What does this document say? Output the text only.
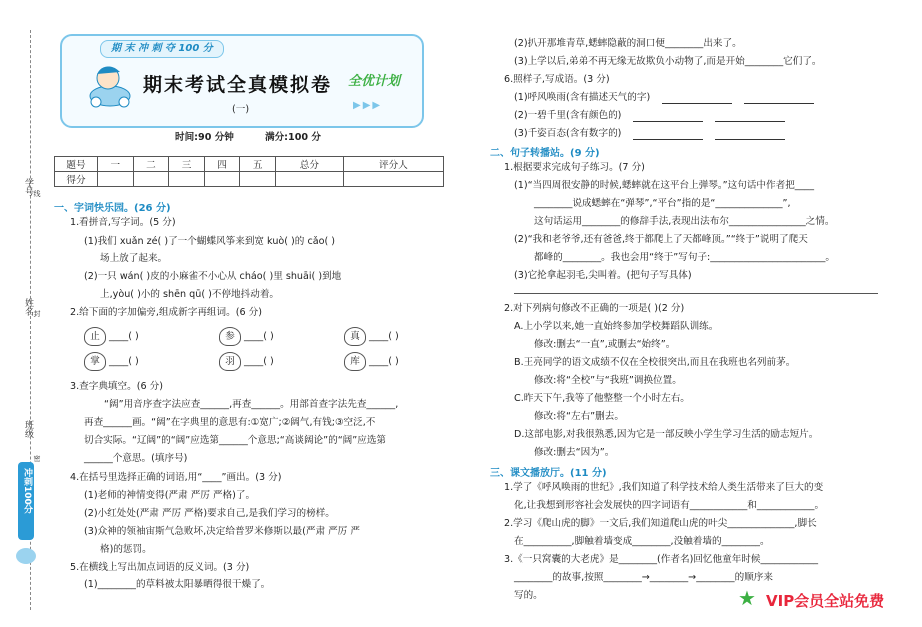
学号
姓名
班级
线
封
密
冲刺100分
期 末 冲 刺 夺 100 分
期末考试全真模拟卷 全优计划
(一)	▶▶▶
时间:90 分钟	满分:100 分
题号	一	二	三	四	五	总分	评分人
得分							
一、字词快乐园。(26 分)
1.看拼音,写字词。(5 分)
(1)我们 xuǎn zé( )了一个蝴蝶风筝来到宽 kuò( )的 cǎo( )
场上放了起来。
(2)一只 wán( )皮的小麻雀不小心从 cháo( )里 shuāi( )到地
上,yòu( )小的 shēn qū( )不停地抖动着。
2.给下面的字加偏旁,组成新字再组词。(6 分)
止 ____( )	参 ____( )	真 ____( )
掌 ____( )	羽 ____( )	库 ____( )
3.查字典填空。(6 分)
“阔”用音序查字法应查______,再查______。用部首查字法先查______,
再查______画。“阔”在字典里的意思有:①宽广;②阔气,有钱;③空泛,不
切合实际。“辽阔”的“阔”应选第______个意思;“高谈阔论”的“阔”应选第
______个意思。(填序号)
4.在括号里选择正确的词语,用“____”画出。(3 分)
(1)老师的神情变得(严肃 严厉 严格)了。
(2)小红处处(严肃 严厉 严格)要求自己,是我们学习的榜样。
(3)众神的领袖宙斯气急败坏,决定给普罗米修斯以最(严肃 严厉 严
格)的惩罚。
5.在横线上写出加点词语的反义词。(3 分)
(1)________的草料被太阳暴晒得很干燥了。
(2)扒开那堆青草,蟋蟀隐蔽的洞口便________出来了。
(3)上学以后,弟弟不再无缘无故欺负小动物了,而是开始________它们了。
6.照样子,写成语。(3 分)
(1)呼风唤雨(含有描述天气的字)
(2)一碧千里(含有颜色的)
(3)千姿百态(含有数字的)
二、句子转播站。(9 分)
1.根据要求完成句子练习。(7 分)
(1)“当四周很安静的时候,蟋蟀就在这平台上弹琴。”这句话中作者把____
________说成蟋蟀在“弹琴”,“平台”指的是“______________”,
这句话运用________的修辞手法,表现出法布尔________________之情。
(2)“我和老爷爷,还有爸爸,终于都爬上了天都峰顶。”“终于”说明了爬天
都峰的________。我也会用“终于”写句子:________________________。
(3)它抡拿起羽毛,尖叫着。(把句子写具体)
2.对下列病句修改不正确的一项是( )(2 分)
A.上小学以来,她一直始终参加学校舞蹈队训练。
修改:删去“一直”,或删去“始终”。
B.王亮同学的语文成绩不仅在全校很突出,而且在我班也名列前茅。
修改:将“全校”与“我班”调换位置。
C.昨天下午,我等了他整整一个小时左右。
修改:将“左右”删去。
D.这部电影,对我很熟悉,因为它是一部反映小学生学习生活的励志短片。
修改:删去“因为”。
三、课文播放厅。(11 分)
1.学了《呼风唤雨的世纪》,我们知道了科学技术给人类生活带来了巨大的变
化,让我想到形容社会发展快的四字词语有____________和____________。
2.学习《爬山虎的脚》一文后,我们知道爬山虎的叶尖______________,脚长
在__________,脚触着墙变成________,没触着墙的________。
3.《一只窝囊的大老虎》是________(作者名)回忆他童年时候____________
________的故事,按照________→________→________的顺序来
写的。	★ VIP会员全站免费
